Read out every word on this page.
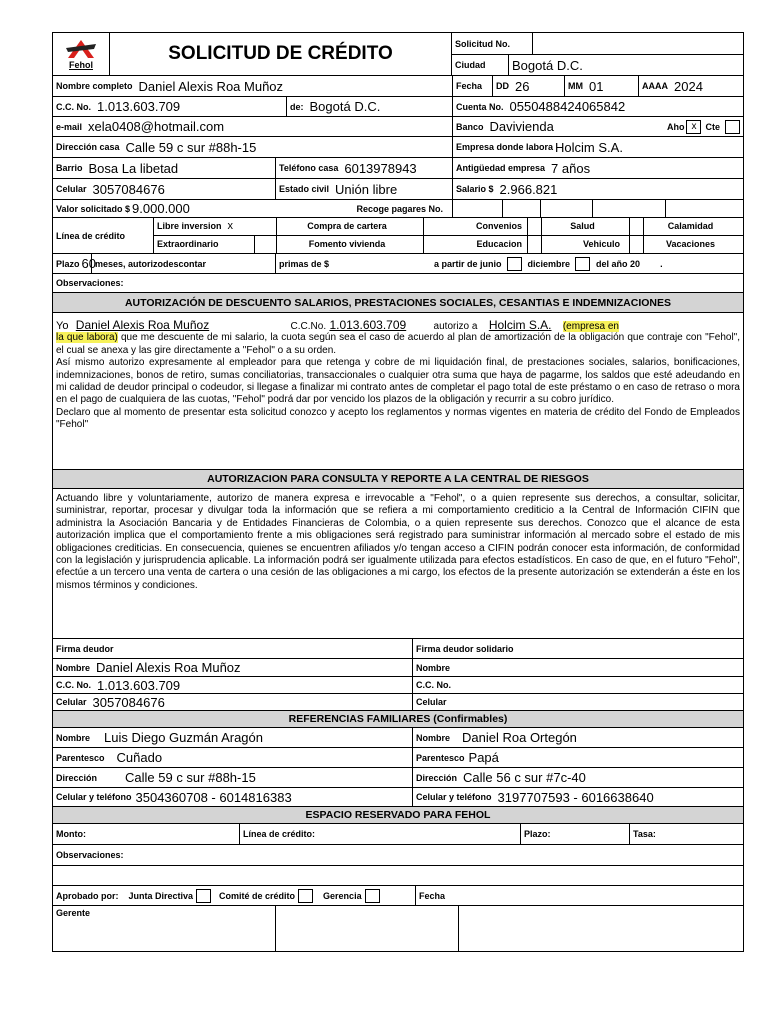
Fehol
SOLICITUD DE CRÉDITO	Solicitud No.
Ciudad Bogotá D.C.
Nombre completo Daniel Alexis Roa Muñoz	Fecha DD 26	MM 01	AAAA 2024
C.C. No. 1.013.603.709	de: Bogotá D.C.	Cuenta No. 0550488424065842
e-mail xela0408@hotmail.com	Banco Davivienda	Aho x	Cte
Dirección casa Calle 59 c sur #88h-15	Empresa donde labora Holcim S.A.
Barrio Bosa La libetad	Teléfono casa 6013978943	Antigüedad empresa 7 años
Celular 3057084676	Estado civil Unión libre	Salario $ 2.966.821
Valor solicitado $ 9.000.000	Recoge pagares No.
Línea de crédito
Libre inversion x	Compra de cartera	Convenios	Salud	Calamidad
Extraordinario	Fomento vivienda	Educacion	Vehiculo	Vacaciones
Plazo 60 meses, autorizodescontar	primas de $	a partir de junio	diciembre	del año 20 .
Observaciones:
AUTORIZACIÓN DE DESCUENTO SALARIOS, PRESTACIONES SOCIALES, CESANTIAS E INDEMNIZACIONES
Yo Daniel Alexis Roa Muñoz	C.C.No. 1.013.603.709	autorizo a Holcim S.A. (empresa en
la que labora) que me descuente de mi salario, la cuota según sea el caso de acuerdo al plan de amortización de la obligación que contraje con "Fehol", el cual se anexa y las gire directamente a "Fehol" o a su orden.
Así mismo autorizo expresamente al empleador para que retenga y cobre de mi liquidación final, de prestaciones sociales, salarios, bonificaciones, indemnizaciones, bonos de retiro, sumas conciliatorias, transaccionales o cualquier otra suma que haya de pagarme, los saldos que esté adeudando en mi calidad de deudor principal o codeudor, si llegase a finalizar mi contrato antes de completar el pago total de este préstamo o en caso de retraso o mora en el pago de cualquiera de las cuotas, "Fehol" podrá dar por vencido los plazos de la obligación y recurrir a su cobro jurídico.
Declaro que al momento de presentar esta solicitud conozco y acepto los reglamentos y normas vigentes en materia de crédito del Fondo de Empleados "Fehol"
AUTORIZACION PARA CONSULTA Y REPORTE A LA CENTRAL DE RIESGOS
Actuando libre y voluntariamente, autorizo de manera expresa e irrevocable a "Fehol", o a quien represente sus derechos, a consultar, solicitar, suministrar, reportar, procesar y divulgar toda la información que se refiera a mi comportamiento crediticio a la Central de Información CIFIN que administra la Asociación Bancaria y de Entidades Financieras de Colombia, o a quien represente sus derechos. Conozco que el alcance de esta autorización implica que el comportamiento frente a mis obligaciones será registrado para suministrar información al mercado sobre el estado de mis obligaciones crediticias. En consecuencia, quienes se encuentren afiliados y/o tengan acceso a CIFIN podrán conocer esta información, de conformidad con la legislación y jurisprudencia aplicable. La información podrá ser igualmente utilizada para efectos estadísticos. En caso de que, en el futuro "Fehol", efectúe a un tercero una venta de cartera o una cesión de las obligaciones a mi cargo, los efectos de la presente autorización se extenderán a éste en los mismos términos y condiciones.
Firma deudor	Firma deudor solidario
Nombre Daniel Alexis Roa Muñoz	Nombre
C.C. No. 1.013.603.709	C.C. No.
Celular 3057084676	Celular
REFERENCIAS FAMILIARES (Confirmables)
Nombre Luis Diego Guzmán Aragón	Nombre Daniel Roa Ortegón
Parentesco Cuñado	Parentesco Papá
Dirección Calle 59 c sur #88h-15	Dirección Calle 56 c sur #7c-40
Celular y teléfono 3504360708 - 6014816383	Celular y teléfono 3197707593 - 6016638640
ESPACIO RESERVADO PARA FEHOL
Monto:	Línea de crédito:	Plazo:	Tasa:
Observaciones:
Aprobado por: Junta Directiva	Comité de crédito	Gerencia	Fecha
Gerente
